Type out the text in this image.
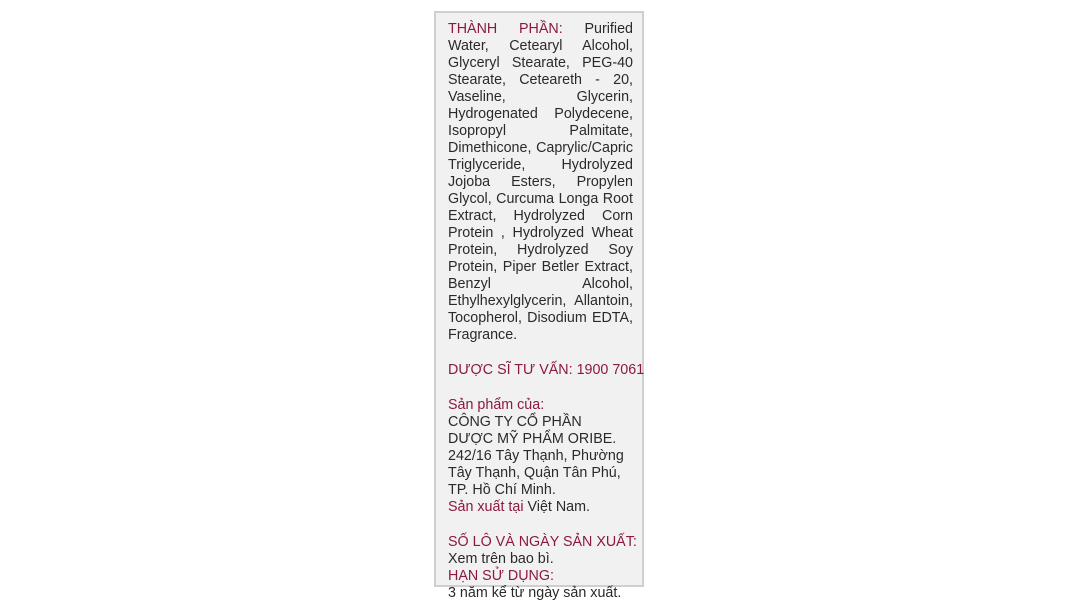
THÀNH PHẦN: Purified Water, Cetearyl Alcohol, Glyceryl Stearate, PEG-40 Stearate, Ceteareth - 20, Vaseline, Glycerin, Hydrogenated Polydecene, Isopropyl Palmitate, Dimethicone, Caprylic/Capric Triglyceride, Hydrolyzed Jojoba Esters, Propylen Glycol, Curcuma Longa Root Extract, Hydrolyzed Corn Protein , Hydrolyzed Wheat Protein, Hydrolyzed Soy Protein, Piper Betler Extract, Benzyl Alcohol, Ethylhexylglycerin, Allantoin, Tocopherol, Disodium EDTA, Fragrance.
DƯỢC SĨ TƯ VẤN: 1900 7061
Sản phẩm của:
CÔNG TY CỔ PHẦN
DƯỢC MỸ PHẨM ORIBE.
242/16 Tây Thạnh, Phường
Tây Thạnh, Quận Tân Phú,
TP. Hồ Chí Minh.
Sản xuất tại Việt Nam.
SỐ LÔ VÀ NGÀY SẢN XUẤT:
Xem trên bao bì.
HẠN SỬ DỤNG:
3 năm kể từ ngày sản xuất.
